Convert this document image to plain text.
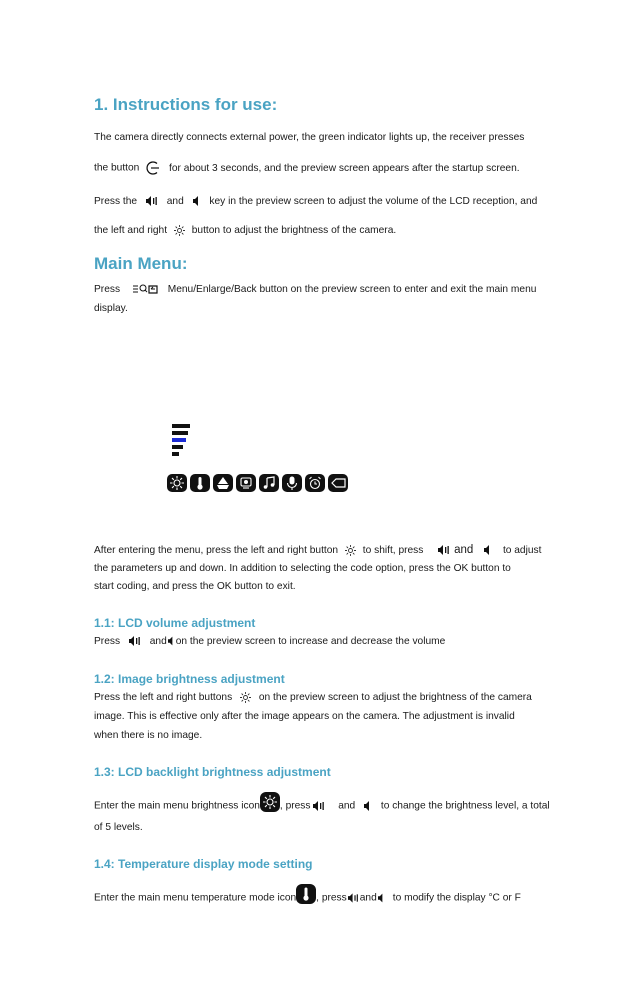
1. Instructions for use:
The camera directly connects external power, the green indicator lights up, the receiver presses
the button	for about 3 seconds, and the preview screen appears after the startup screen.
Press the	and	key in the preview screen to adjust the volume of the LCD reception, and
the left and right button to adjust the brightness of the camera.
Main Menu:
Press	Menu/Enlarge/Back button on the preview screen to enter and exit the main menu
display.
After entering the menu, press the left and right button to shift, press	and	to adjust
the parameters up and down. In addition to selecting the code option, press the OK button to
start coding, and press the OK button to exit.
1.1: LCD volume adjustment
Press	and on the preview screen to increase and decrease the volume
1.2: Image brightness adjustment
Press the left and right buttons	on the preview screen to adjust the brightness of the camera
image. This is effective only after the image appears on the camera. The adjustment is invalid
when there is no image.
1.3: LCD backlight brightness adjustment
Enter the main menu brightness icon , press	and	to change the brightness level, a total
of 5 levels.
1.4: Temperature display mode setting
Enter the main menu temperature mode icon , press and to modify the display °C or F
